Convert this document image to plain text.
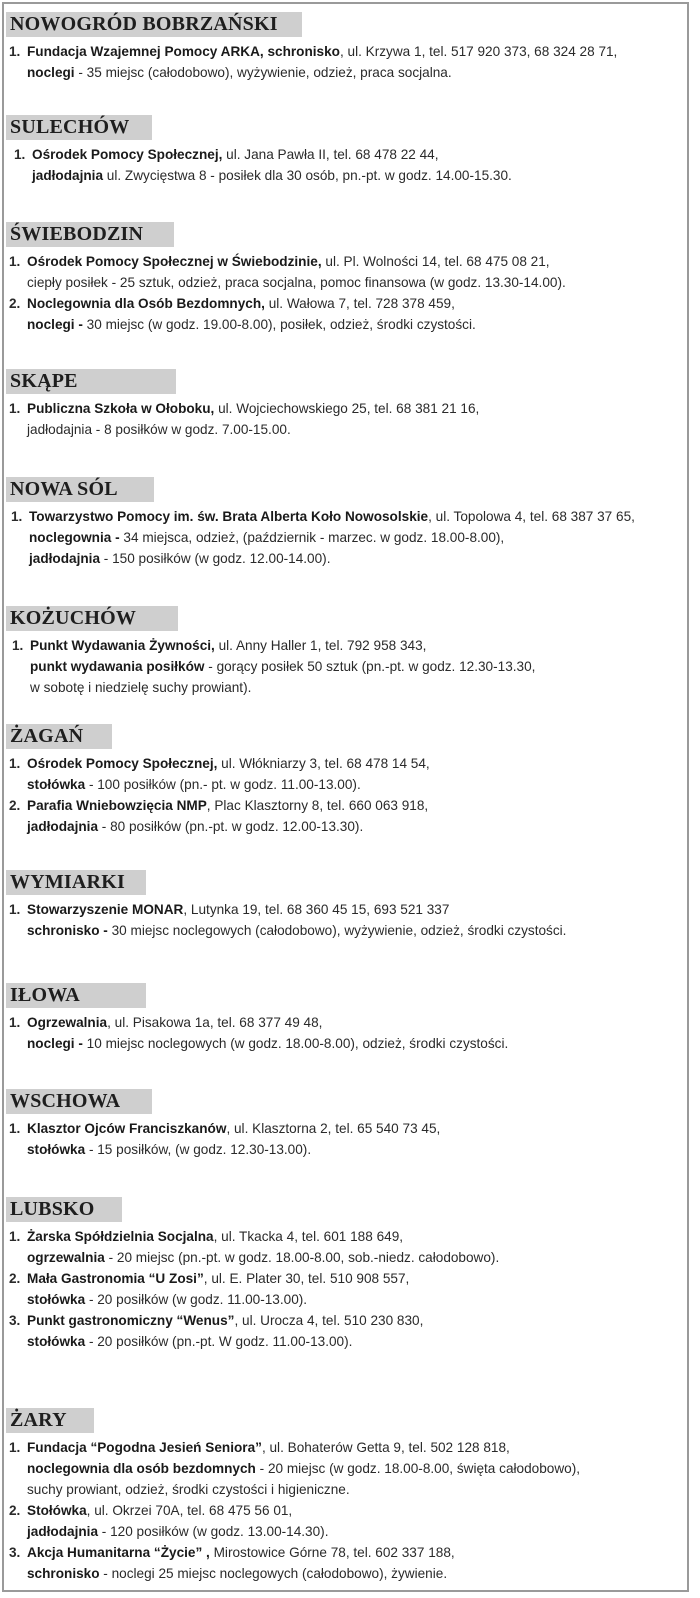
NOWOGRÓD BOBRZAŃSKI
1. Fundacja Wzajemnej Pomocy ARKA, schronisko, ul. Krzywa 1, tel. 517 920 373, 68 324 28 71,
noclegi - 35 miejsc (całodobowo), wyżywienie, odzież, praca socjalna.
SULECHÓW
1. Ośrodek Pomocy Społecznej, ul. Jana Pawła II, tel. 68 478 22 44,
jadłodajnia ul. Zwycięstwa 8 - posiłek dla 30 osób, pn.-pt. w godz. 14.00-15.30.
ŚWIEBODZIN
1. Ośrodek Pomocy Społecznej w Świebodzinie, ul. Pl. Wolności 14, tel. 68 475 08 21,
ciepły posiłek - 25 sztuk, odzież, praca socjalna, pomoc finansowa (w godz. 13.30-14.00).
2. Noclegownia dla Osób Bezdomnych, ul. Wałowa 7, tel. 728 378 459,
noclegi - 30 miejsc (w godz. 19.00-8.00), posiłek, odzież, środki czystości.
SKĄPE
1. Publiczna Szkoła w Ołoboku, ul. Wojciechowskiego 25, tel. 68 381 21 16,
jadłodajnia - 8 posiłków w godz. 7.00-15.00.
NOWA SÓL
1. Towarzystwo Pomocy im. św. Brata Alberta Koło Nowosolskie, ul. Topolowa 4, tel. 68 387 37 65,
noclegownia - 34 miejsca, odzież, (październik - marzec. w godz. 18.00-8.00),
jadłodajnia - 150 posiłków (w godz. 12.00-14.00).
KOŻUCHÓW
1. Punkt Wydawania Żywności, ul. Anny Haller 1, tel. 792 958 343,
punkt wydawania posiłków - gorący posiłek 50 sztuk (pn.-pt. w godz. 12.30-13.30,
w sobotę i niedzielę suchy prowiant).
ŻAGAŃ
1. Ośrodek Pomocy Społecznej, ul. Włókniarzy 3, tel. 68 478 14 54,
stołówka - 100 posiłków (pn.- pt. w godz. 11.00-13.00).
2. Parafia Wniebowzięcia NMP, Plac Klasztorny 8, tel. 660 063 918,
jadłodajnia - 80 posiłków (pn.-pt. w godz. 12.00-13.30).
WYMIARKI
1. Stowarzyszenie MONAR, Lutynka 19, tel. 68 360 45 15, 693 521 337
schronisko - 30 miejsc noclegowych (całodobowo), wyżywienie, odzież, środki czystości.
IŁOWA
1. Ogrzewalnia, ul. Pisakowa 1a, tel. 68 377 49 48,
noclegi - 10 miejsc noclegowych (w godz. 18.00-8.00), odzież, środki czystości.
WSCHOWA
1. Klasztor Ojców Franciszkanów, ul. Klasztorna 2, tel. 65 540 73 45,
stołówka - 15 posiłków, (w godz. 12.30-13.00).
LUBSKO
1. Żarska Spółdzielnia Socjalna, ul. Tkacka 4, tel. 601 188 649,
ogrzewalnia - 20 miejsc (pn.-pt. w godz. 18.00-8.00, sob.-niedz. całodobowo).
2. Mała Gastronomia “U Zosi”, ul. E. Plater 30, tel. 510 908 557,
stołówka - 20 posiłków (w godz. 11.00-13.00).
3. Punkt gastronomiczny “Wenus”, ul. Urocza 4, tel. 510 230 830,
stołówka - 20 posiłków (pn.-pt. W godz. 11.00-13.00).
ŻARY
1. Fundacja “Pogodna Jesień Seniora”, ul. Bohaterów Getta 9, tel. 502 128 818,
noclegownia dla osób bezdomnych - 20 miejsc (w godz. 18.00-8.00, święta całodobowo),
suchy prowiant, odzież, środki czystości i higieniczne.
2. Stołówka, ul. Okrzei 70A, tel. 68 475 56 01,
jadłodajnia - 120 posiłków (w godz. 13.00-14.30).
3. Akcja Humanitarna “Życie” , Mirostowice Górne 78, tel. 602 337 188,
schronisko - noclegi 25 miejsc noclegowych (całodobowo), żywienie.
